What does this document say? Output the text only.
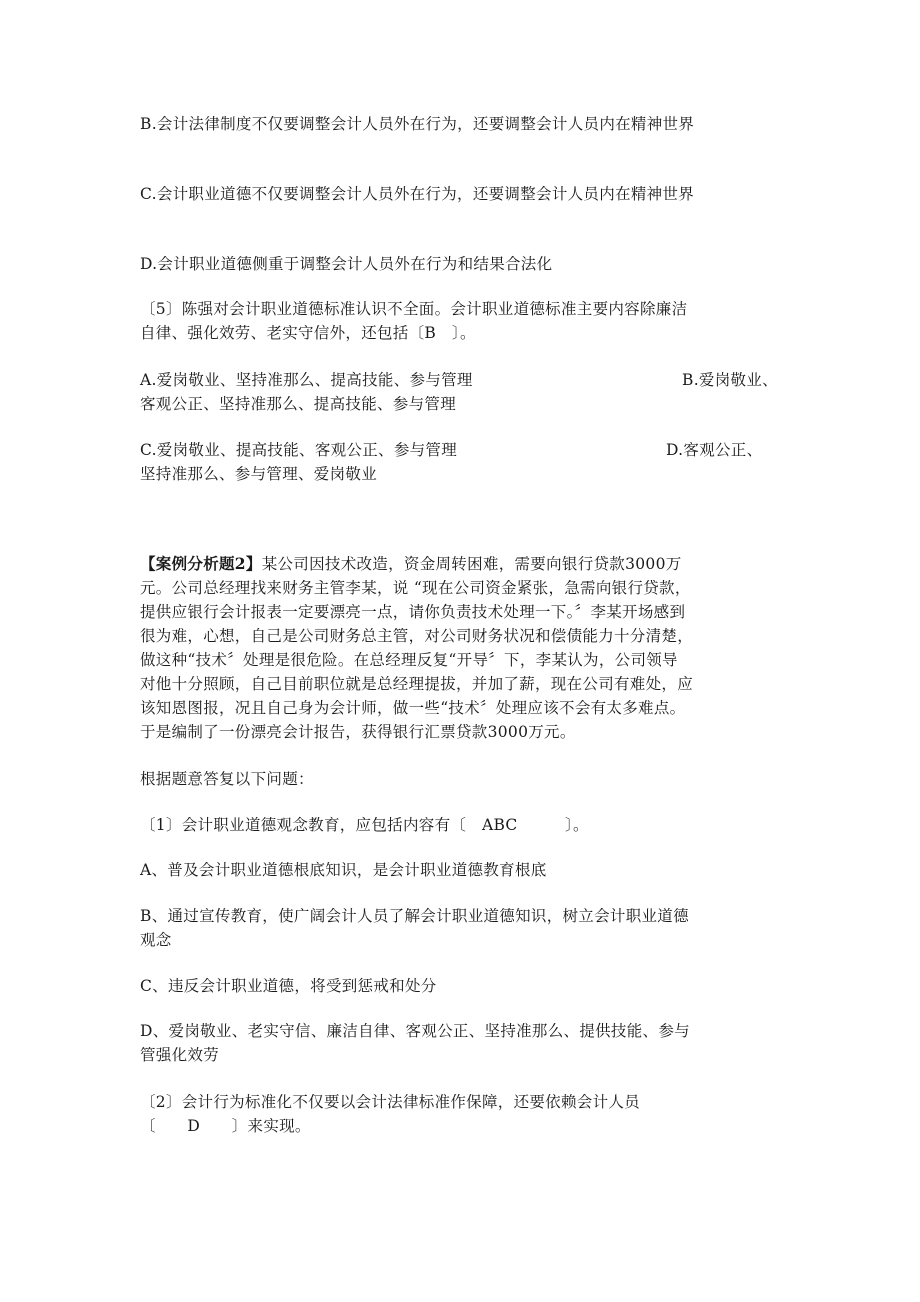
B.会计法律制度不仅要调整会计人员外在行为，还要调整会计人员内在精神世界
C.会计职业道德不仅要调整会计人员外在行为，还要调整会计人员内在精神世界
D.会计职业道德侧重于调整会计人员外在行为和结果合法化
〔5〕陈强对会计职业道德标准认识不全面。会计职业道德标准主要内容除廉洁
自律、强化效劳、老实守信外，还包括〔B　〕。
A.爱岗敬业、坚持准那么、提高技能、参与管理	B.爱岗敬业、
客观公正、坚持准那么、提高技能、参与管理
C.爱岗敬业、提高技能、客观公正、参与管理	D.客观公正、
坚持准那么、参与管理、爱岗敬业
【案例分析题2】某公司因技术改造，资金周转困难，需要向银行贷款3000万
元。公司总经理找来财务主管李某，说 “现在公司资金紧张，急需向银行贷款，
提供应银行会计报表一定要漂亮一点，请你负责技术处理一下。〞李某开场感到
很为难，心想，自己是公司财务总主管，对公司财务状况和偿债能力十分清楚，
做这种“技术〞处理是很危险。在总经理反复“开导〞下，李某认为，公司领导
对他十分照顾，自己目前职位就是总经理提拔，并加了薪，现在公司有难处，应
该知恩图报，况且自己身为会计师，做一些“技术〞处理应该不会有太多难点。
于是编制了一份漂亮会计报告，获得银行汇票贷款3000万元。
根据题意答复以下问题：
〔1〕会计职业道德观念教育，应包括内容有〔　ABC　　　〕。
A、普及会计职业道德根底知识，是会计职业道德教育根底
B、通过宣传教育，使广阔会计人员了解会计职业道德知识，树立会计职业道德
观念
C、违反会计职业道德，将受到惩戒和处分
D、爱岗敬业、老实守信、廉洁自律、客观公正、坚持准那么、提供技能、参与
管强化效劳
〔2〕会计行为标准化不仅要以会计法律标准作保障，还要依赖会计人员
〔　　D　　〕来实现。
